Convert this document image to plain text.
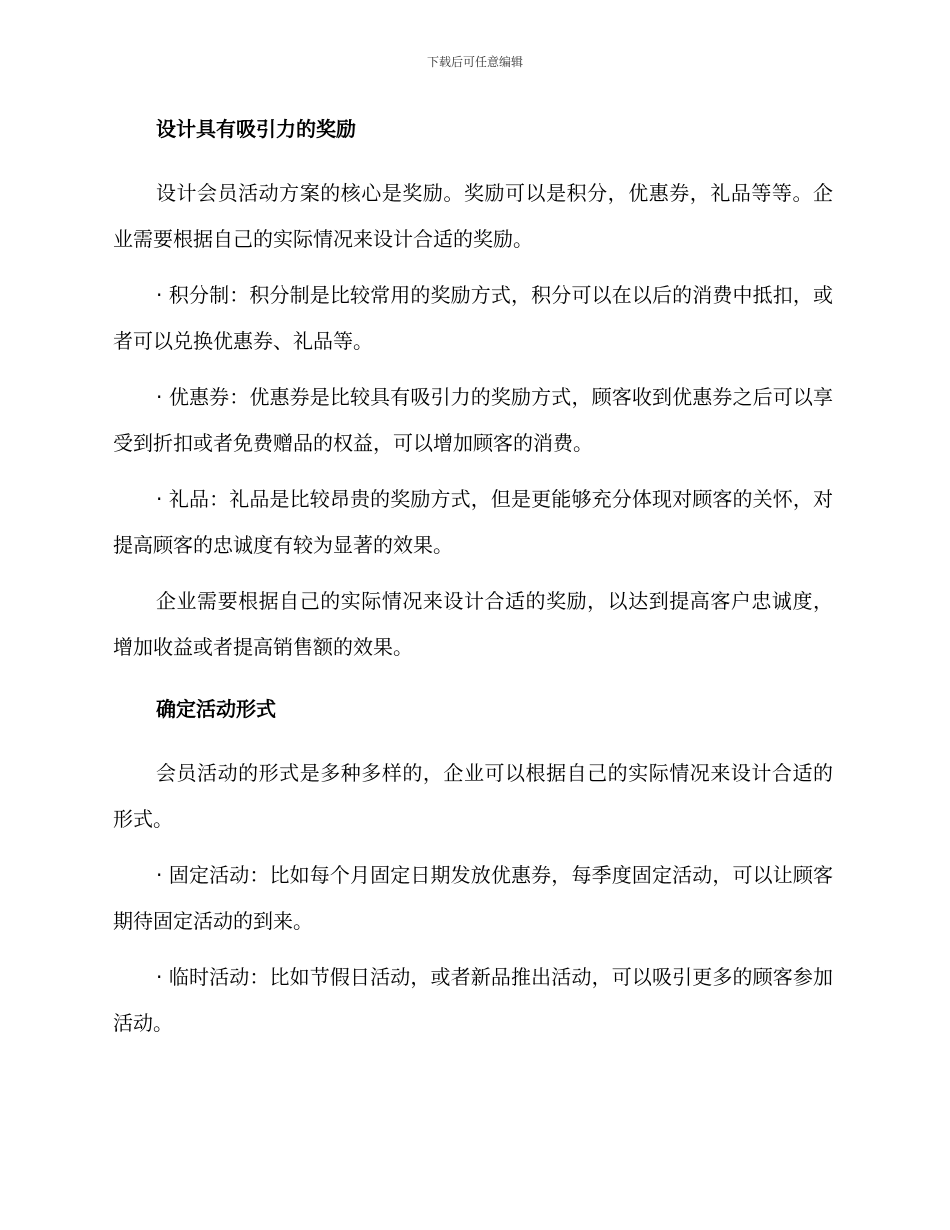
下载后可任意编辑
设计具有吸引力的奖励

设计会员活动方案的核心是奖励。奖励可以是积分，优惠券，礼品等等。企业需要根据自己的实际情况来设计合适的奖励。

· 积分制：积分制是比较常用的奖励方式，积分可以在以后的消费中抵扣，或者可以兑换优惠券、礼品等。

· 优惠券：优惠券是比较具有吸引力的奖励方式，顾客收到优惠券之后可以享受到折扣或者免费赠品的权益，可以增加顾客的消费。

· 礼品：礼品是比较昂贵的奖励方式，但是更能够充分体现对顾客的关怀，对提高顾客的忠诚度有较为显著的效果。

企业需要根据自己的实际情况来设计合适的奖励，以达到提高客户忠诚度，增加收益或者提高销售额的效果。

确定活动形式

会员活动的形式是多种多样的，企业可以根据自己的实际情况来设计合适的形式。

· 固定活动：比如每个月固定日期发放优惠券，每季度固定活动，可以让顾客期待固定活动的到来。

· 临时活动：比如节假日活动，或者新品推出活动，可以吸引更多的顾客参加活动。
